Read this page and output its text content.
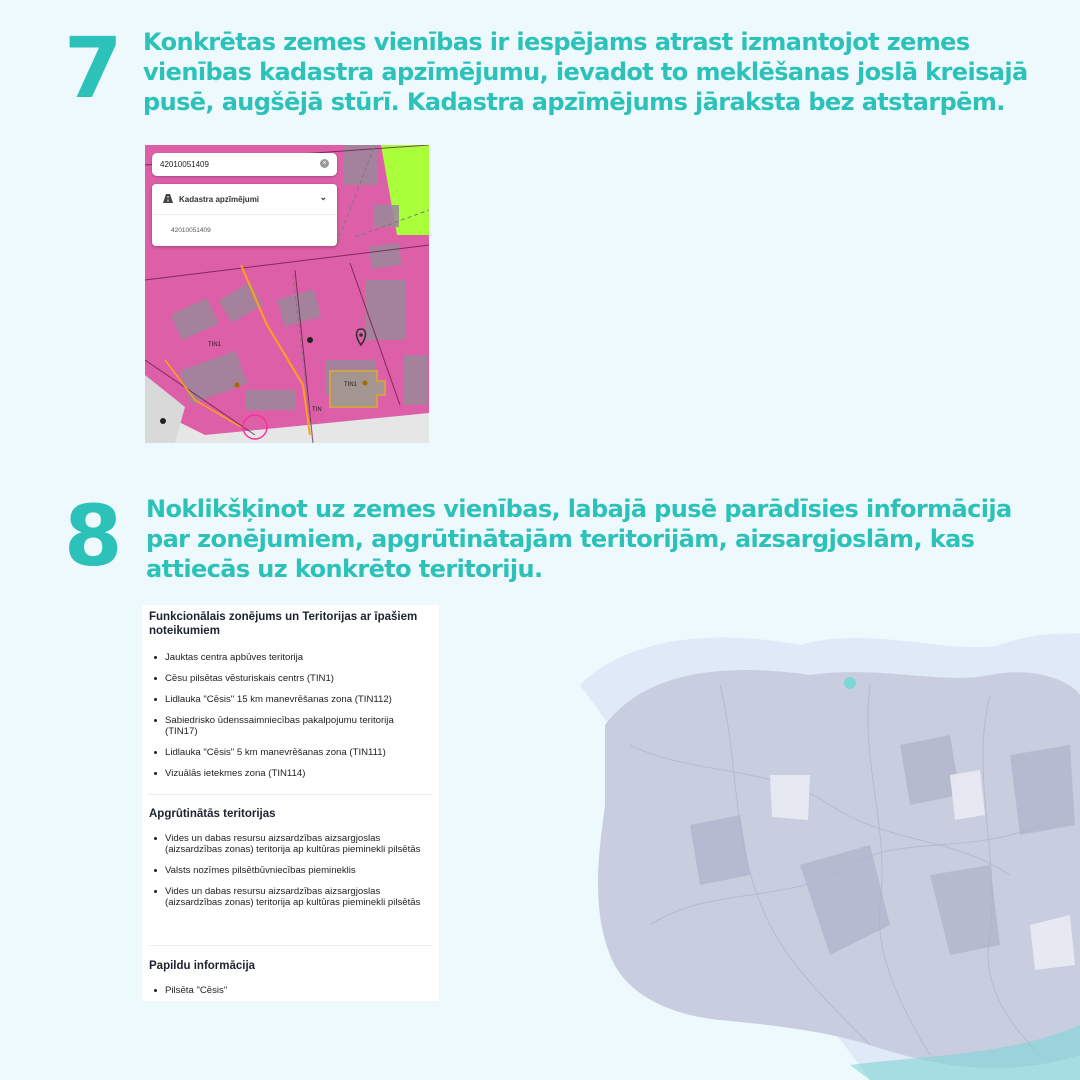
7 Konkrētas zemes vienības ir iespējams atrast izmantojot zemes vienības kadastra apzīmējumu, ievadot to meklēšanas joslā kreisajā pusē, augšējā stūrī. Kadastra apzīmējums jāraksta bez atstarpēm.
TIN1
TIN1
TIN
42010051409	×
Kadastra apzīmējumi	⌄
42010051409
8 Noklikšķinot uz zemes vienības, labajā pusē parādīsies informācija par zonējumiem, apgrūtinātajām teritorijām, aizsargjoslām, kas attiecās uz konkrēto teritoriju.
Funkcionālais zonējums un Teritorijas ar īpašiem noteikumiem
Jauktas centra apbūves teritorija
Cēsu pilsētas vēsturiskais centrs (TIN1)
Lidlauka "Cēsis" 15 km manevrēšanas zona (TIN112)
Sabiedrisko ūdenssaimniecības pakalpojumu teritorija (TIN17)
Lidlauka "Cēsis" 5 km manevrēšanas zona (TIN111)
Vizuālās ietekmes zona (TIN114)
Apgrūtinātās teritorijas
Vides un dabas resursu aizsardzības aizsargjoslas (aizsardzības zonas) teritorija ap kultūras pieminekli pilsētās
Valsts nozīmes pilsētbūvniecības piemineklis
Vides un dabas resursu aizsardzības aizsargjoslas (aizsardzības zonas) teritorija ap kultūras pieminekli pilsētās
Papildu informācija
Pilsēta "Cēsis"
